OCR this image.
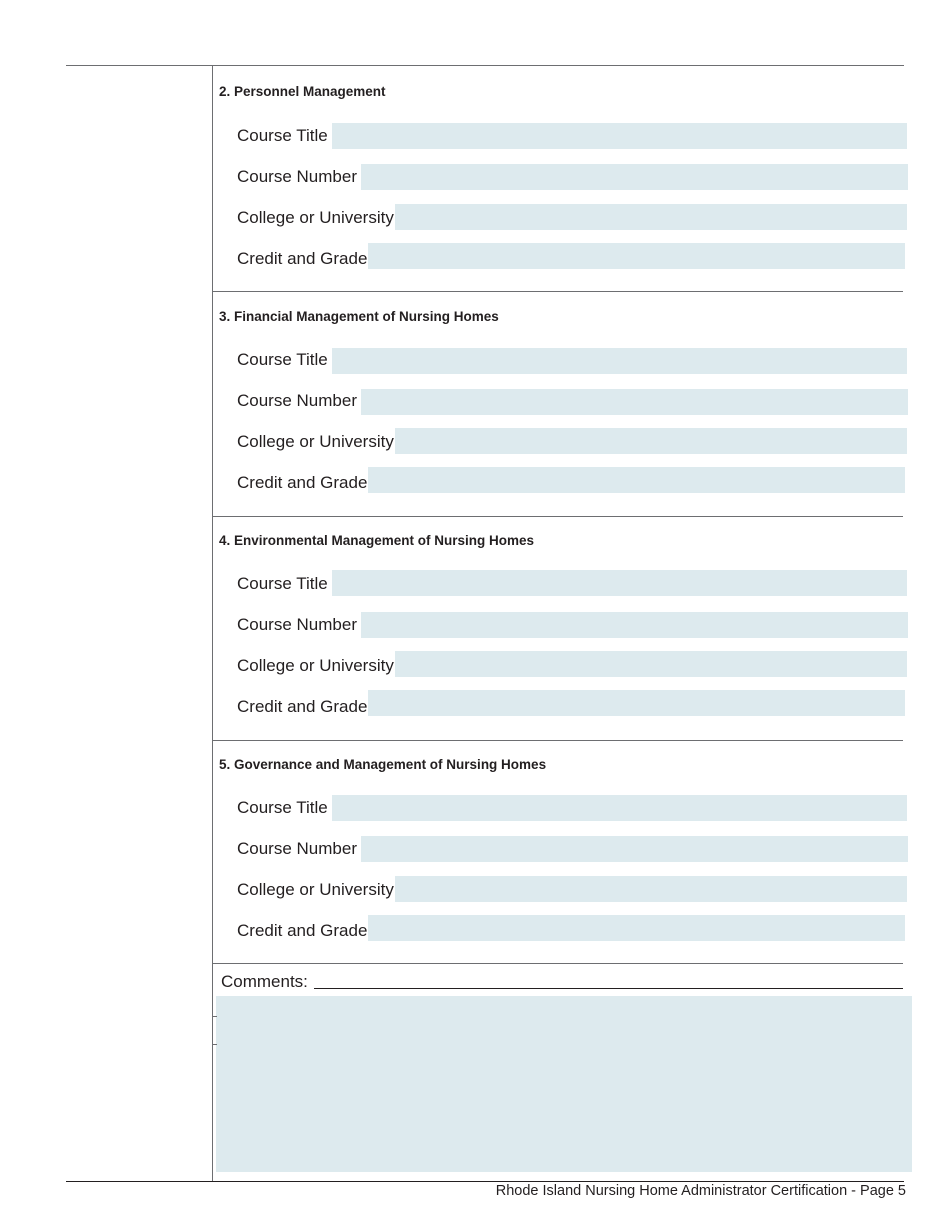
2. Personnel Management
Course Title
Course Number
College or University
Credit and Grade
3. Financial Management of Nursing Homes
Course Title
Course Number
College or University
Credit and Grade
4. Environmental Management of Nursing Homes
Course Title
Course Number
College or University
Credit and Grade
5. Governance and Management of Nursing Homes
Course Title
Course Number
College or University
Credit and Grade
Comments:
Rhode Island Nursing Home Administrator Certification - Page 5
